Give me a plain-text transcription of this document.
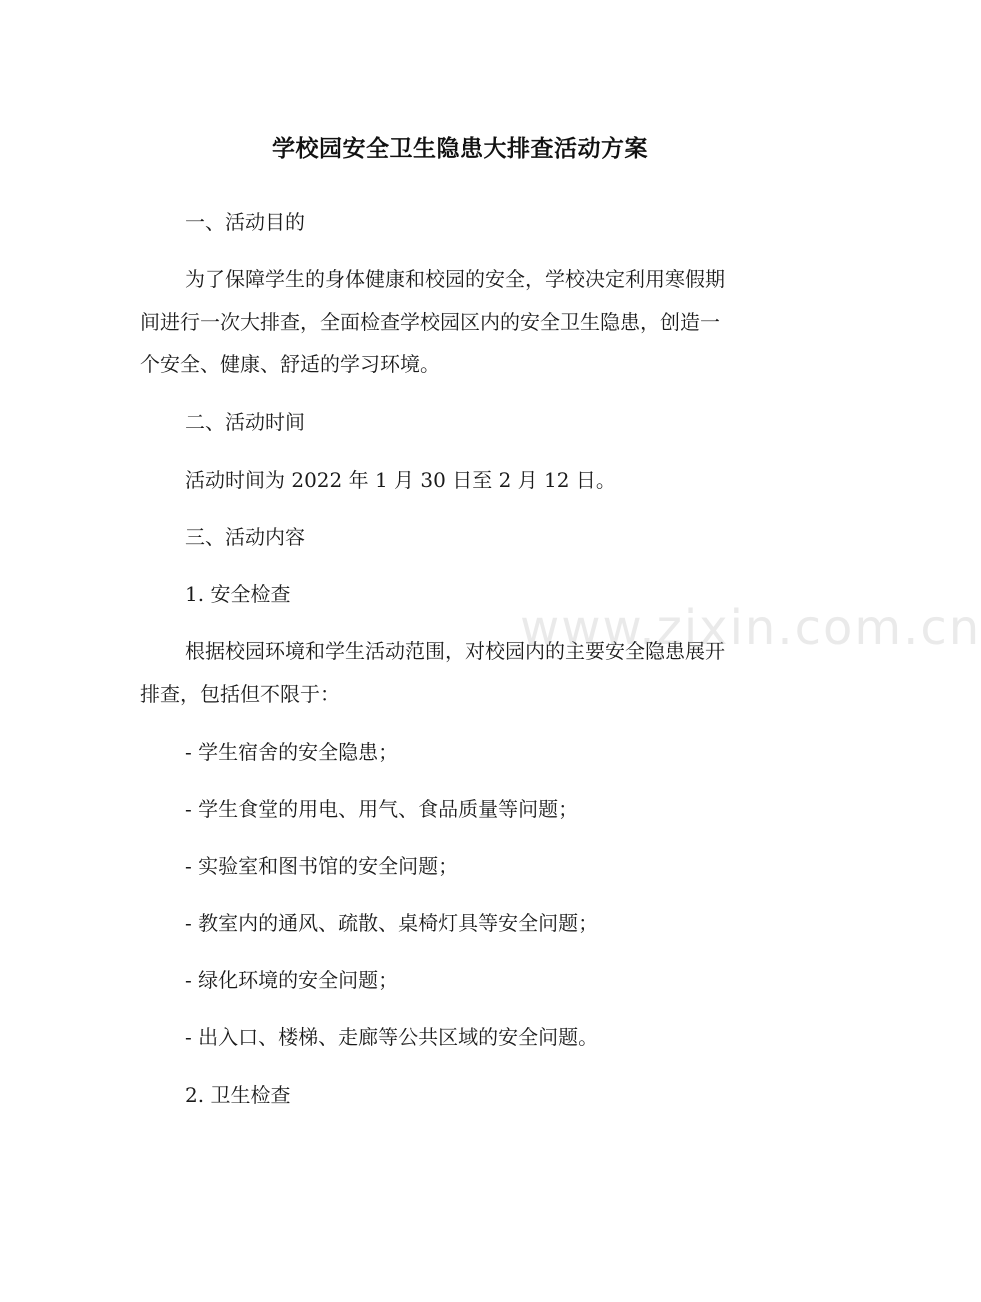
学校园安全卫生隐患大排查活动方案
一、活动目的
为了保障学生的身体健康和校园的安全，学校决定利用寒假期
间进行一次大排查，全面检查学校园区内的安全卫生隐患，创造一
个安全、健康、舒适的学习环境。
二、活动时间
活动时间为 2022 年 1 月 30 日至 2 月 12 日。
三、活动内容
1. 安全检查
根据校园环境和学生活动范围，对校园内的主要安全隐患展开
排查，包括但不限于：
- 学生宿舍的安全隐患；
- 学生食堂的用电、用气、食品质量等问题；
- 实验室和图书馆的安全问题；
- 教室内的通风、疏散、桌椅灯具等安全问题；
- 绿化环境的安全问题；
- 出入口、楼梯、走廊等公共区域的安全问题。
2. 卫生检查
www.zixin.com.cn
